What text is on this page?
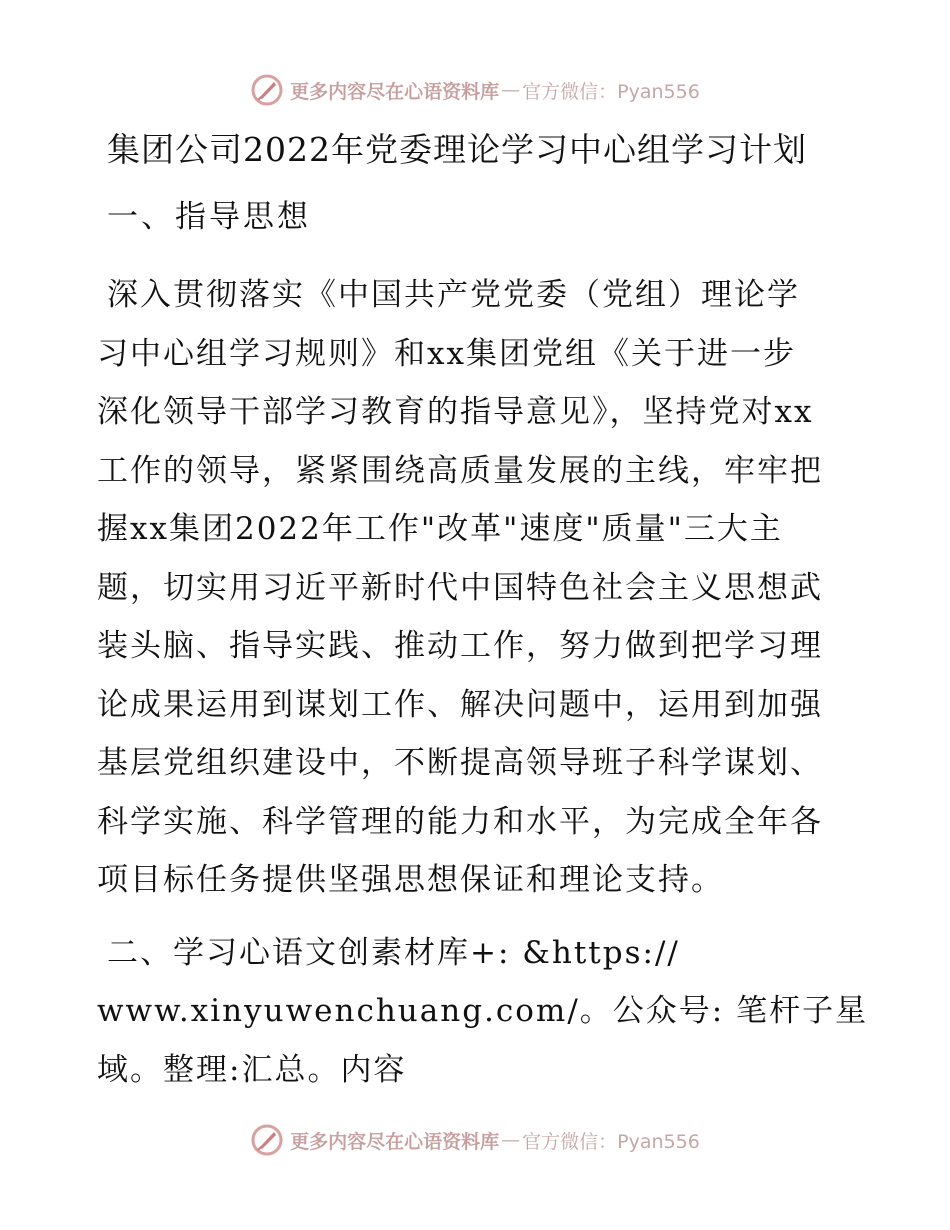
更多内容尽在心语资料库 — 官方微信：Pyan556
集团公司2022年党委理论学习中心组学习计划
一、指导思想

深入贯彻落实《中国共产党党委（党组）理论学
习中心组学习规则》和xx集团党组《关于进一步
深化领导干部学习教育的指导意见》，坚持党对xx
工作的领导，紧紧围绕高质量发展的主线，牢牢把
握xx集团2022年工作"改革"速度"质量"三大主
题，切实用习近平新时代中国特色社会主义思想武
装头脑、指导实践、推动工作，努力做到把学习理
论成果运用到谋划工作、解决问题中，运用到加强
基层党组织建设中，不断提高领导班子科学谋划、
科学实施、科学管理的能力和水平，为完成全年各
项目标任务提供坚强思想保证和理论支持。

二、学习心语文创素材库+: &https://
www.xinyuwenchuang.com/。公众号: 笔杆子星
域。整理:汇总。内容

更多内容尽在心语资料库 — 官方微信：Pyan556
